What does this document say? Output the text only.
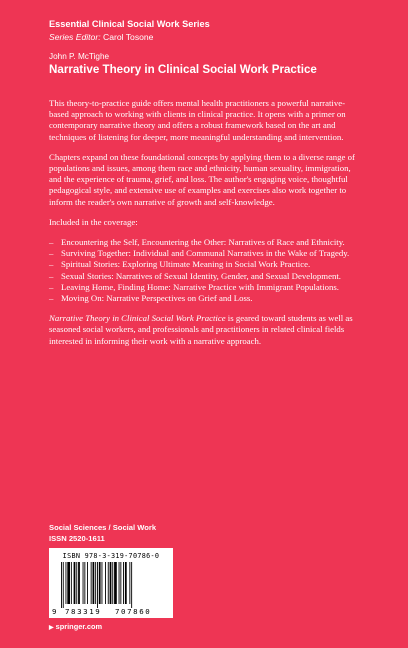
Essential Clinical Social Work Series

Series Editor: Carol Tosone

John P. McTighe

Narrative Theory in Clinical Social Work Practice

This theory-to-practice guide offers mental health practitioners a powerful narrative-based approach to working with clients in clinical practice. It opens with a primer on contemporary narrative theory and offers a robust framework based on the art and techniques of listening for deeper, more meaningful understanding and intervention.

Chapters expand on these foundational concepts by applying them to a diverse range of populations and issues, among them race and ethnicity, human sexuality, immigration, and the experience of trauma, grief, and loss. The author's engaging voice, thoughtful pedagogical style, and extensive use of examples and exercises also work together to inform the reader's own narrative of growth and self-knowledge.

Included in the coverage:

– Encountering the Self, Encountering the Other: Narratives of Race and Ethnicity.
– Surviving Together: Individual and Communal Narratives in the Wake of Tragedy.
– Spiritual Stories: Exploring Ultimate Meaning in Social Work Practice.
– Sexual Stories: Narratives of Sexual Identity, Gender, and Sexual Development.
– Leaving Home, Finding Home: Narrative Practice with Immigrant Populations.
– Moving On: Narrative Perspectives on Grief and Loss.

Narrative Theory in Clinical Social Work Practice is geared toward students as well as seasoned social workers, and professionals and practitioners in related clinical fields interested in informing their work with a narrative approach.

Social Sciences / Social Work

ISSN 2520-1611

ISBN 978-3-319-70786-0
9 783319 707860
▶ springer.com
